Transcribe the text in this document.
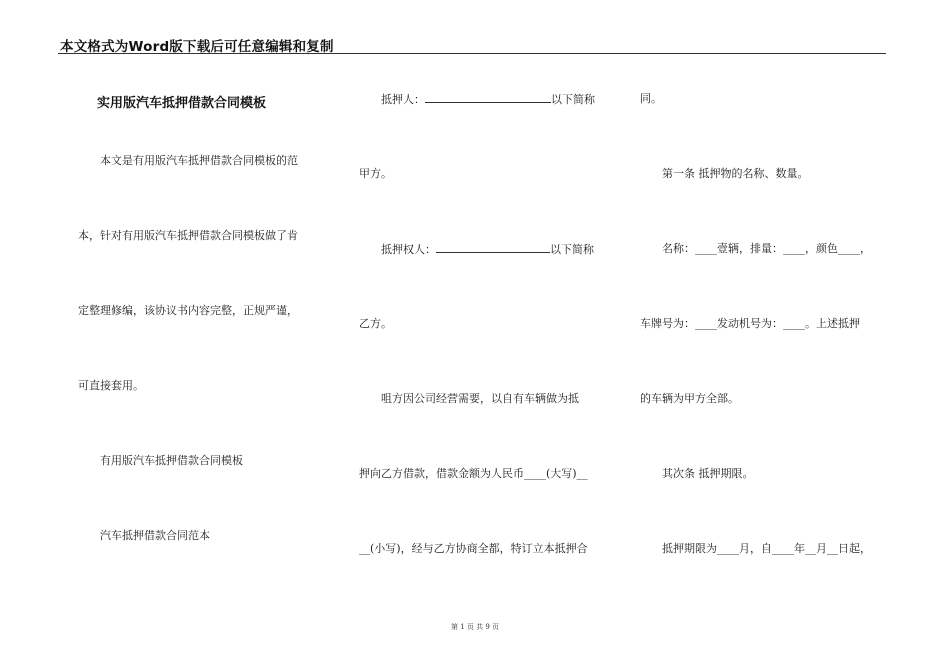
本文格式为Word版下载后可任意编辑和复制
实用版汽车抵押借款合同模板
本文是有用版汽车抵押借款合同模板的范
本，针对有用版汽车抵押借款合同模板做了肯
定整理修编，该协议书内容完整，正规严谨，
可直接套用。
有用版汽车抵押借款合同模板
汽车抵押借款合同范本
抵押人：	以下简称
甲方。
抵押权人：	以下简称
乙方。
咀方因公司经营需要，以自有车辆做为抵
押向乙方借款，借款金额为人民币____(大写)__
__(小写)，经与乙方协商全都，特订立本抵押合
同。
第一条 抵押物的名称、数量。
名称：____壹辆，排量：____，颜色____，
车牌号为：____发动机号为：____。上述抵押
的车辆为甲方全部。
其次条 抵押期限。
抵押期限为____月，自____年__月__日起，
第 1 页 共 9 页
